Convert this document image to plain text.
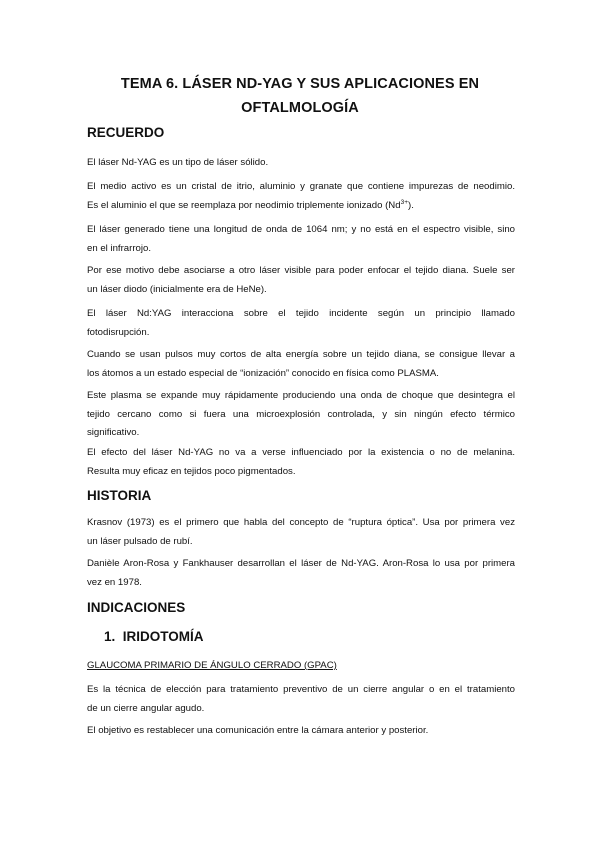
TEMA 6. LÁSER ND-YAG Y SUS APLICACIONES EN
OFTALMOLOGÍA
RECUERDO
El láser Nd-YAG es un tipo de láser sólido.
El medio activo es un cristal de itrio, aluminio y granate que contiene impurezas de neodimio.
Es el aluminio el que se reemplaza por neodimio triplemente ionizado $(Nd^{3+})$.
El láser generado tiene una longitud de onda de 1064 nm; y no está en el espectro visible, sino
en el infrarrojo.
Por ese motivo debe asociarse a otro láser visible para poder enfocar el tejido diana. Suele ser
un láser diodo (inicialmente era de HeNe).
El láser Nd:YAG interacciona sobre el tejido incidente según un principio llamado
fotodisrupción.
Cuando se usan pulsos muy cortos de alta energía sobre un tejido diana, se consigue llevar a
los átomos a un estado especial de “ionización” conocido en física como PLASMA.
Este plasma se expande muy rápidamente produciendo una onda de choque que desintegra el
tejido cercano como si fuera una microexplosión controlada, y sin ningún efecto térmico
significativo.
El efecto del láser Nd-YAG no va a verse influenciado por la existencia o no de melanina.
Resulta muy eficaz en tejidos poco pigmentados.
HISTORIA
Krasnov (1973) es el primero que habla del concepto de “ruptura óptica”. Usa por primera vez
un láser pulsado de rubí.
Danièle Aron-Rosa y Fankhauser desarrollan el láser de Nd-YAG. Aron-Rosa lo usa por primera
vez en 1978.
INDICACIONES
1.  IRIDOTOMÍA
GLAUCOMA PRIMARIO DE ÁNGULO CERRADO (GPAC)
Es la técnica de elección para tratamiento preventivo de un cierre angular o en el tratamiento
de un cierre angular agudo.
El objetivo es restablecer una comunicación entre la cámara anterior y posterior.
